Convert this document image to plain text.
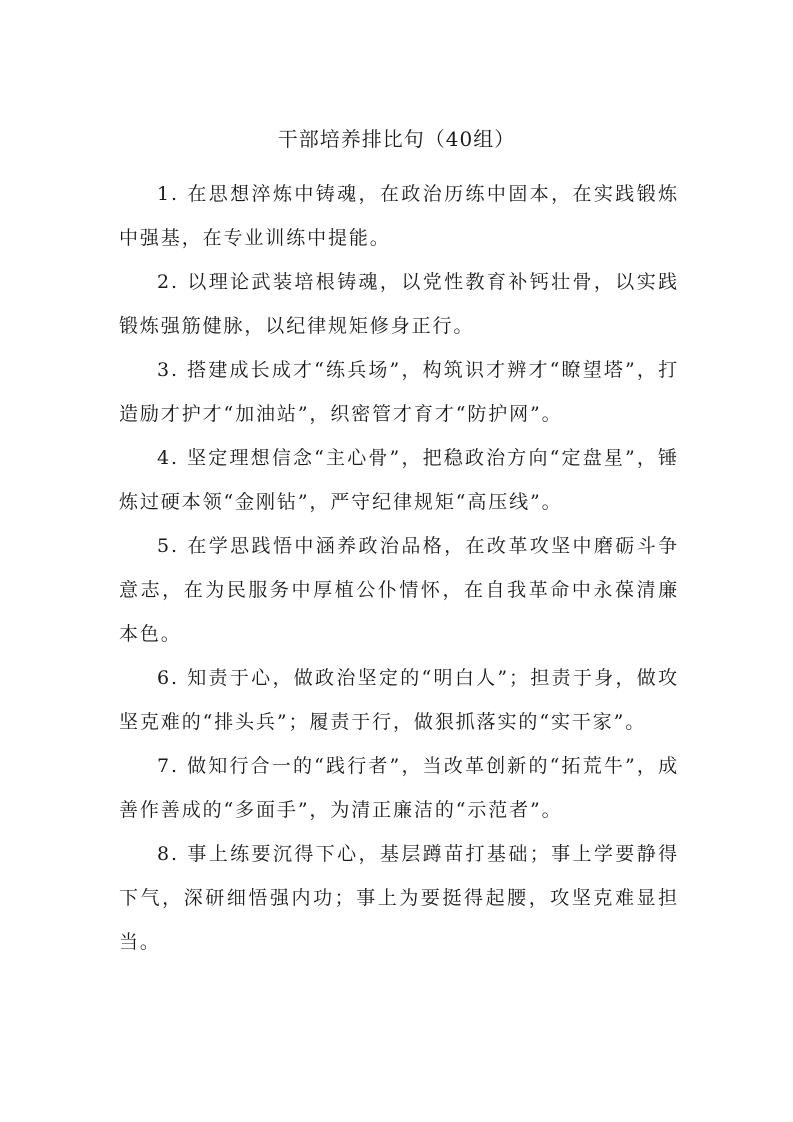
干部培养排比句（40组）

1. 在思想淬炼中铸魂，在政治历练中固本，在实践锻炼中强基，在专业训练中提能。

2. 以理论武装培根铸魂，以党性教育补钙壮骨，以实践锻炼强筋健脉，以纪律规矩修身正行。

3. 搭建成长成才“练兵场”，构筑识才辨才“瞭望塔”，打造励才护才“加油站”，织密管才育才“防护网”。

4. 坚定理想信念“主心骨”，把稳政治方向“定盘星”，锤炼过硬本领“金刚钻”，严守纪律规矩“高压线”。

5. 在学思践悟中涵养政治品格，在改革攻坚中磨砺斗争意志，在为民服务中厚植公仆情怀，在自我革命中永葆清廉本色。

6. 知责于心，做政治坚定的“明白人”；担责于身，做攻坚克难的“排头兵”；履责于行，做狠抓落实的“实干家”。

7. 做知行合一的“践行者”，当改革创新的“拓荒牛”，成善作善成的“多面手”，为清正廉洁的“示范者”。

8. 事上练要沉得下心，基层蹲苗打基础；事上学要静得下气，深研细悟强内功；事上为要挺得起腰，攻坚克难显担当。
